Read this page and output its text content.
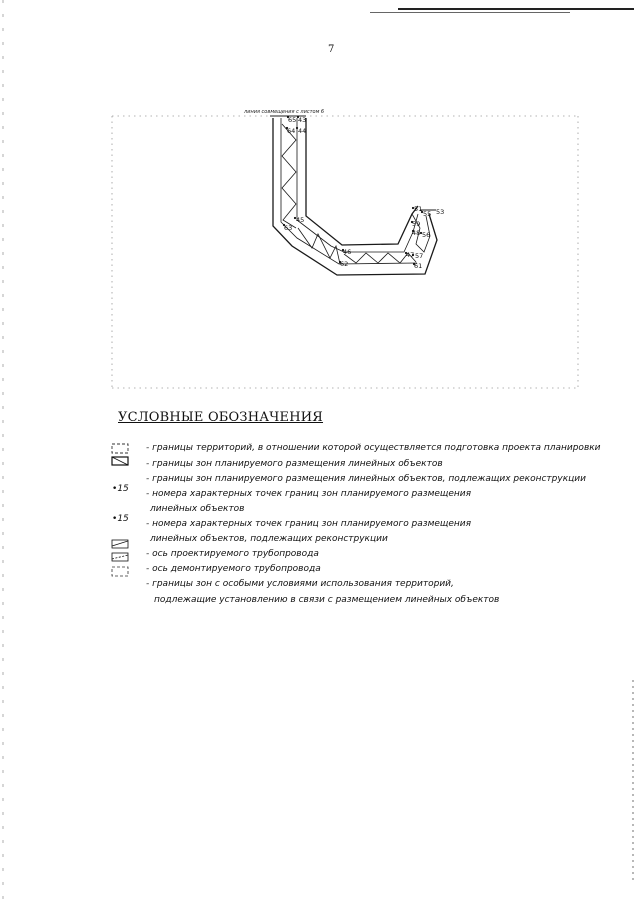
7
линия совмещения с листом 6
65 43
64 44
45
63
46
62
51
55 53
59
48 56
47 57
61
УСЛОВНЫЕ ОБОЗНАЧЕНИЯ
•15
•15
- границы территорий, в отношении которой осуществляется подготовка проекта планировки
- границы зон планируемого размещения линейных объектов
- границы зон планируемого размещения линейных объектов, подлежащих реконструкции
- номера характерных точек границ зон планируемого размещения
линейных объектов
- номера характерных точек границ зон планируемого размещения
линейных объектов, подлежащих реконструкции
- ось проектируемого трубопровода
- ось демонтируемого трубопровода
- границы зон с особыми условиями использования территорий,
подлежащие установлению в связи с размещением линейных объектов
